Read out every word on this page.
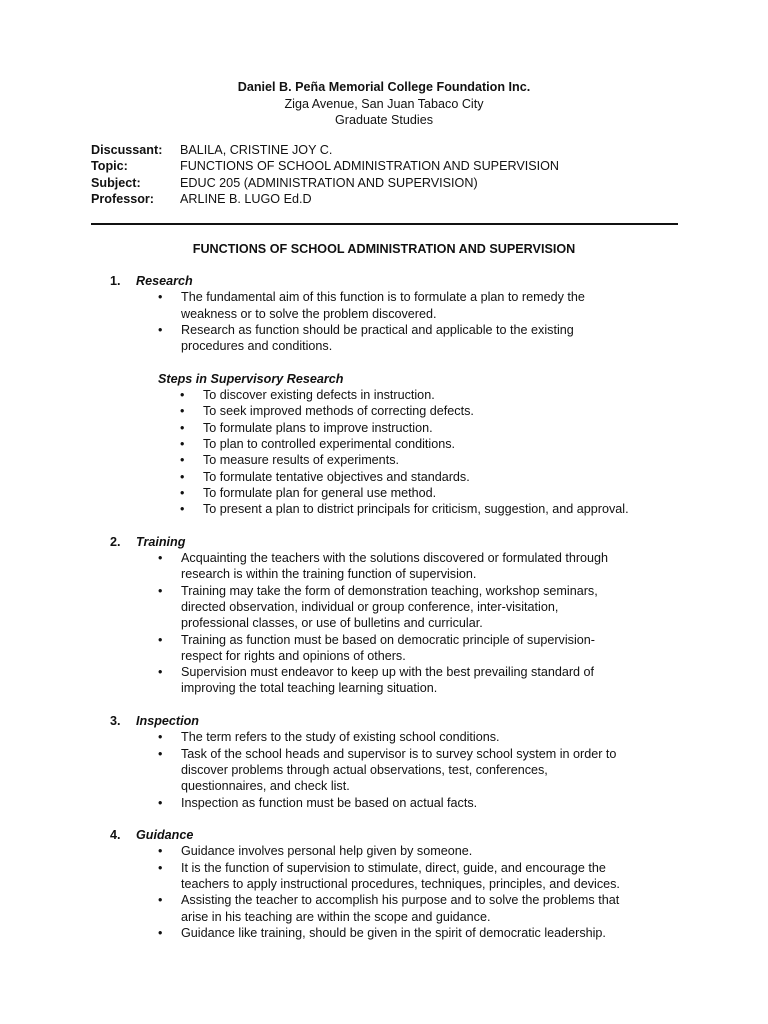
Daniel B. Peña Memorial College Foundation Inc.
Ziga Avenue, San Juan Tabaco City
Graduate Studies
Discussant:	BALILA, CRISTINE JOY C.
Topic:	FUNCTIONS OF SCHOOL ADMINISTRATION AND SUPERVISION
Subject:	EDUC 205 (ADMINISTRATION AND SUPERVISION)
Professor:	ARLINE B. LUGO Ed.D
FUNCTIONS OF SCHOOL ADMINISTRATION AND SUPERVISION
1 .	Research
• The fundamental aim of this function is to formulate a plan to remedy the
weakness or to solve the problem discovered.
• Research as function should be practical and applicable to the existing
procedures and conditions.
Steps in Supervisory Research
• To discover existing defects in instruction.
• To seek improved methods of correcting defects.
• To formulate plans to improve instruction.
• To plan to controlled experimental conditions.
• To measure results of experiments.
• To formulate tentative objectives and standards.
• To formulate plan for general use method.
• To present a plan to district principals for criticism, suggestion, and approval.
2 .	Training
• Acquainting the teachers with the solutions discovered or formulated through
research is within the training function of supervision.
• Training may take the form of demonstration teaching, workshop seminars,
directed observation, individual or group conference, inter-visitation,
professional classes, or use of bulletins and curricular.
• Training as function must be based on democratic principle of supervision-
respect for rights and opinions of others.
• Supervision must endeavor to keep up with the best prevailing standard of
improving the total teaching learning situation.
3 .	Inspection
• The term refers to the study of existing school conditions.
• Task of the school heads and supervisor is to survey school system in order to
discover problems through actual observations, test, conferences,
questionnaires, and check list.
• Inspection as function must be based on actual facts.
4 .	Guidance
• Guidance involves personal help given by someone.
• It is the function of supervision to stimulate, direct, guide, and encourage the
teachers to apply instructional procedures, techniques, principles, and devices.
• Assisting the teacher to accomplish his purpose and to solve the problems that
arise in his teaching are within the scope and guidance.
• Guidance like training, should be given in the spirit of democratic leadership.
